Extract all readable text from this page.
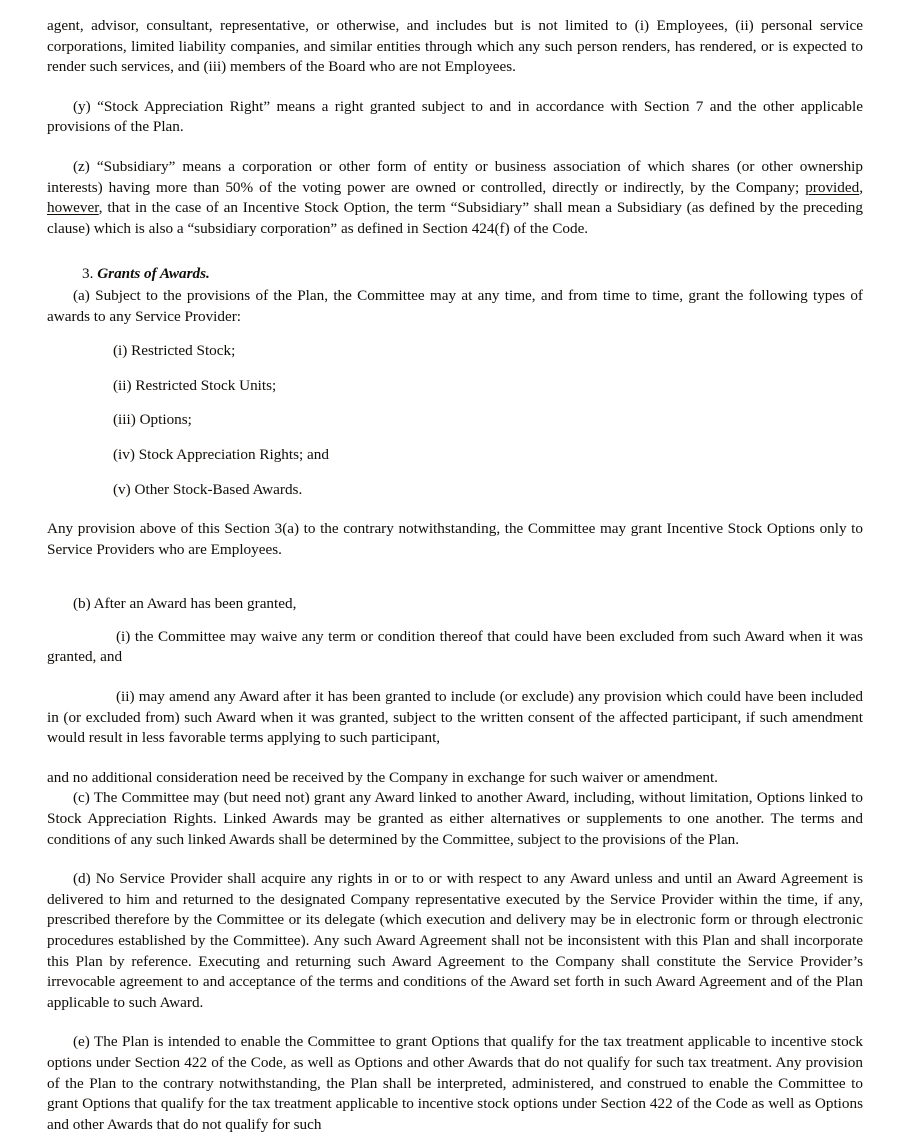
agent, advisor, consultant, representative, or otherwise, and includes but is not limited to (i) Employees, (ii) personal service corporations, limited liability companies, and similar entities through which any such person renders, has rendered, or is expected to render such services, and (iii) members of the Board who are not Employees.

(y) “Stock Appreciation Right” means a right granted subject to and in accordance with Section 7 and the other applicable provisions of the Plan.

(z) “Subsidiary” means a corporation or other form of entity or business association of which shares (or other ownership interests) having more than 50% of the voting power are owned or controlled, directly or indirectly, by the Company; provided, however, that in the case of an Incentive Stock Option, the term “Subsidiary” shall mean a Subsidiary (as defined by the preceding clause) which is also a “subsidiary corporation” as defined in Section 424(f) of the Code.

3. Grants of Awards.

(a) Subject to the provisions of the Plan, the Committee may at any time, and from time to time, grant the following types of awards to any Service Provider:

(i) Restricted Stock;

(ii) Restricted Stock Units;

(iii) Options;

(iv) Stock Appreciation Rights; and

(v) Other Stock-Based Awards.

Any provision above of this Section 3(a) to the contrary notwithstanding, the Committee may grant Incentive Stock Options only to Service Providers who are Employees.

(b) After an Award has been granted,

(i) the Committee may waive any term or condition thereof that could have been excluded from such Award when it was granted, and

(ii) may amend any Award after it has been granted to include (or exclude) any provision which could have been included in (or excluded from) such Award when it was granted, subject to the written consent of the affected participant, if such amendment would result in less favorable terms applying to such participant,

and no additional consideration need be received by the Company in exchange for such waiver or amendment.

(c) The Committee may (but need not) grant any Award linked to another Award, including, without limitation, Options linked to Stock Appreciation Rights. Linked Awards may be granted as either alternatives or supplements to one another. The terms and conditions of any such linked Awards shall be determined by the Committee, subject to the provisions of the Plan.

(d) No Service Provider shall acquire any rights in or to or with respect to any Award unless and until an Award Agreement is delivered to him and returned to the designated Company representative executed by the Service Provider within the time, if any, prescribed therefore by the Committee or its delegate (which execution and delivery may be in electronic form or through electronic procedures established by the Committee). Any such Award Agreement shall not be inconsistent with this Plan and shall incorporate this Plan by reference. Executing and returning such Award Agreement to the Company shall constitute the Service Provider’s irrevocable agreement to and acceptance of the terms and conditions of the Award set forth in such Award Agreement and of the Plan applicable to such Award.

(e) The Plan is intended to enable the Committee to grant Options that qualify for the tax treatment applicable to incentive stock options under Section 422 of the Code, as well as Options and other Awards that do not qualify for such tax treatment. Any provision of the Plan to the contrary notwithstanding, the Plan shall be interpreted, administered, and construed to enable the Committee to grant Options that qualify for the tax treatment applicable to incentive stock options under Section 422 of the Code as well as Options and other Awards that do not qualify for such
